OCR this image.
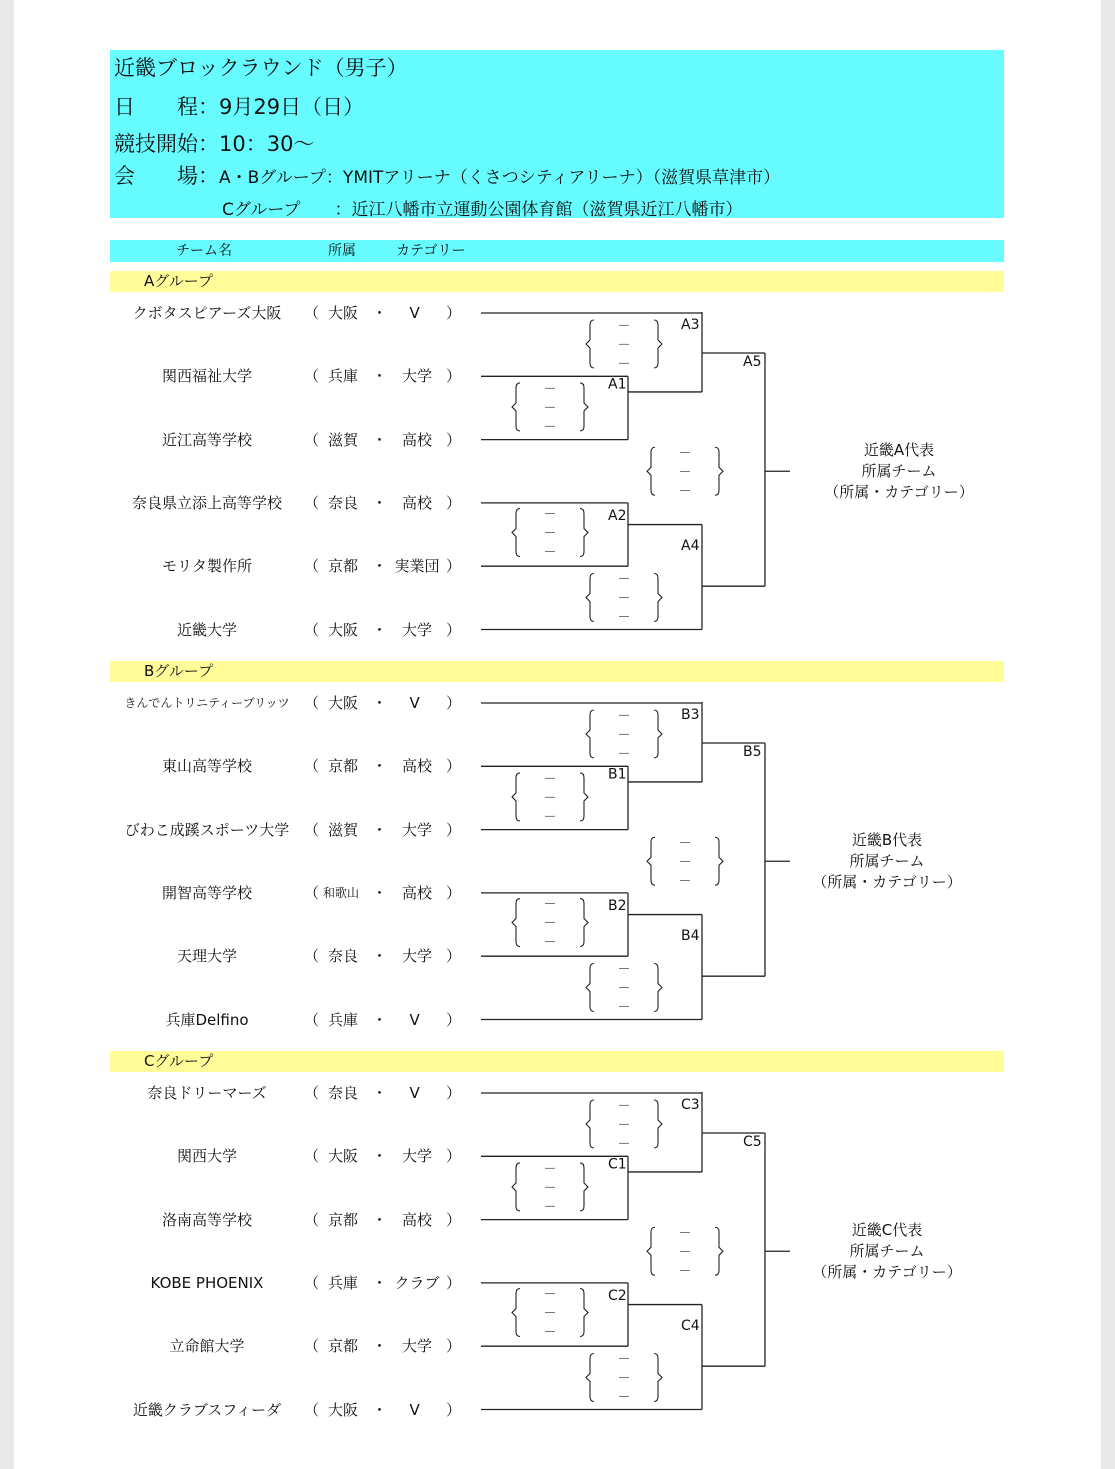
近畿ブロックラウンド（男子）
日　　程：9月29日（日）
競技開始：10：30〜
会　　場：A・Bグループ：YMITアリーナ（くさつシティアリーナ）（滋賀県草津市）
Cグループ　　：近江八幡市立運動公園体育館（滋賀県近江八幡市）
チーム名	所属	カテゴリー
Aグループ
クボタスピアーズ大阪 （ 大阪 ・ V ）
関西福祉大学	（ 兵庫 ・ 大学 ）
近江高等学校	（ 滋賀 ・ 高校 ）
奈良県立添上高等学校 （ 奈良 ・ 高校 ）
モリタ製作所	（ 京都 ・ 実業団 ）
近畿大学	（ 大阪 ・ 大学 ）
近畿A代表
所属チーム
（所属・カテゴリー）
Bグループ
きんでんトリニティーブリッツ （ 大阪 ・ V ）
東山高等学校	（ 京都 ・ 高校 ）
びわこ成蹊スポーツ大学 （ 滋賀 ・ 大学 ）
開智高等学校	（ 和歌山 ・ 高校 ）
天理大学	（ 奈良 ・ 大学 ）
兵庫Delfino	（ 兵庫 ・ V ）
近畿B代表
所属チーム
（所属・カテゴリー）
Cグループ
奈良ドリーマーズ （ 奈良 ・ V ）
関西大学	（ 大阪 ・ 大学 ）
洛南高等学校	（ 京都 ・ 高校 ）
KOBE PHOENIX	（ 兵庫 ・ クラブ ）
立命館大学	（ 京都 ・ 大学 ）
近畿クラブスフィーダ （ 大阪 ・ V ）
近畿C代表
所属チーム
（所属・カテゴリー）
A1
A2
A3
A4
A5
－
－
－
－
－
－
－
－
－
－
－
－
－
－
－
B1
B2
B3
B4
B5
－
－
－
－
－
－
－
－
－
－
－
－
－
－
－
C1
C2
C3
C4
C5
－
－
－
－
－
－
－
－
－
－
－
－
－
－
－
